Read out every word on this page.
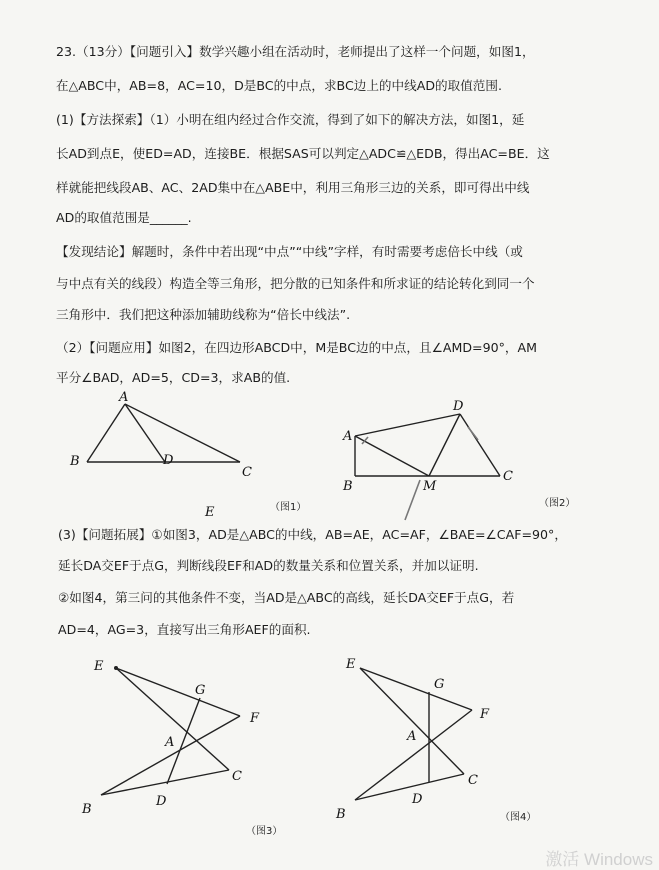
23.（13分）【问题引入】数学兴趣小组在活动时，老师提出了这样一个问题，如图1，
在△ABC中，AB=8，AC=10，D是BC的中点，求BC边上的中线AD的取值范围.
(1)【方法探索】（1）小明在组内经过合作交流，得到了如下的解决方法，如图1，延
长AD到点E，使ED=AD，连接BE．根据SAS可以判定△ADC≌△EDB，得出AC=BE．这
样就能把线段AB、AC、2AD集中在△ABE中，利用三角形三边的关系，即可得出中线
AD的取值范围是______.
【发现结论】解题时，条件中若出现“中点”“中线”字样，有时需要考虑倍长中线（或
与中点有关的线段）构造全等三角形，把分散的已知条件和所求证的结论转化到同一个
三角形中．我们把这种添加辅助线称为“倍长中线法”.
（2）【问题应用】如图2，在四边形ABCD中，M是BC边的中点，且∠AMD=90°，AM
平分∠BAD，AD=5，CD=3，求AB的值.
A
B
C
D
E	（图1）
A
B
C
D
M
（图2）
(3)【问题拓展】①如图3，AD是△ABC的中线，AB=AE，AC=AF，∠BAE=∠CAF=90°，
延长DA交EF于点G，判断线段EF和AD的数量关系和位置关系，并加以证明.
②如图4，第三问的其他条件不变，当AD是△ABC的高线，延长DA交EF于点G，若
AD=4，AG=3，直接写出三角形AEF的面积.
E
G
F
A
C
B
D
（图3）
E
G
F
A
C
B
D
（图4）
激活 Windows
